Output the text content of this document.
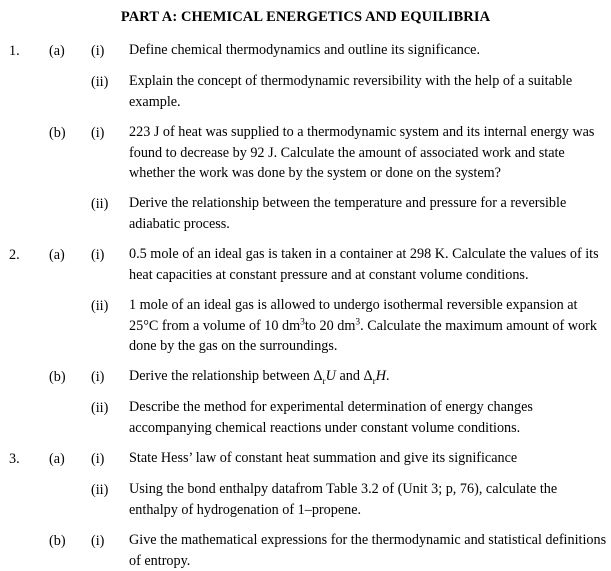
PART A: CHEMICAL ENERGETICS AND EQUILIBRIA
1. (a) (i) Define chemical thermodynamics and outline its significance.
(ii) Explain the concept of thermodynamic reversibility with the help of a suitable example.
(b) (i) 223 J of heat was supplied to a thermodynamic system and its internal energy was found to decrease by 92 J. Calculate the amount of associated work and state whether the work was done by the system or done on the system?
(ii) Derive the relationship between the temperature and pressure for a reversible adiabatic process.
2. (a) (i) 0.5 mole of an ideal gas is taken in a container at 298 K. Calculate the values of its heat capacities at constant pressure and at constant volume conditions.
(ii) 1 mole of an ideal gas is allowed to undergo isothermal reversible expansion at 25°C from a volume of 10 $dm^3to$ 20 $dm^3$. Calculate the maximum amount of work done by the gas on the surroundings.
(b) (i) Derive the relationship between $\Delta_rU$ and $\Delta_rH$.
(ii) Describe the method for experimental determination of energy changes accompanying chemical reactions under constant volume conditions.
3. (a) (i) State Hess’ law of constant heat summation and give its significance
(ii) Using the bond enthalpy datafrom Table 3.2 of (Unit 3; p, 76), calculate the enthalpy of hydrogenation of 1–propene.
(b) (i) Give the mathematical expressions for the thermodynamic and statistical definitions of entropy.
